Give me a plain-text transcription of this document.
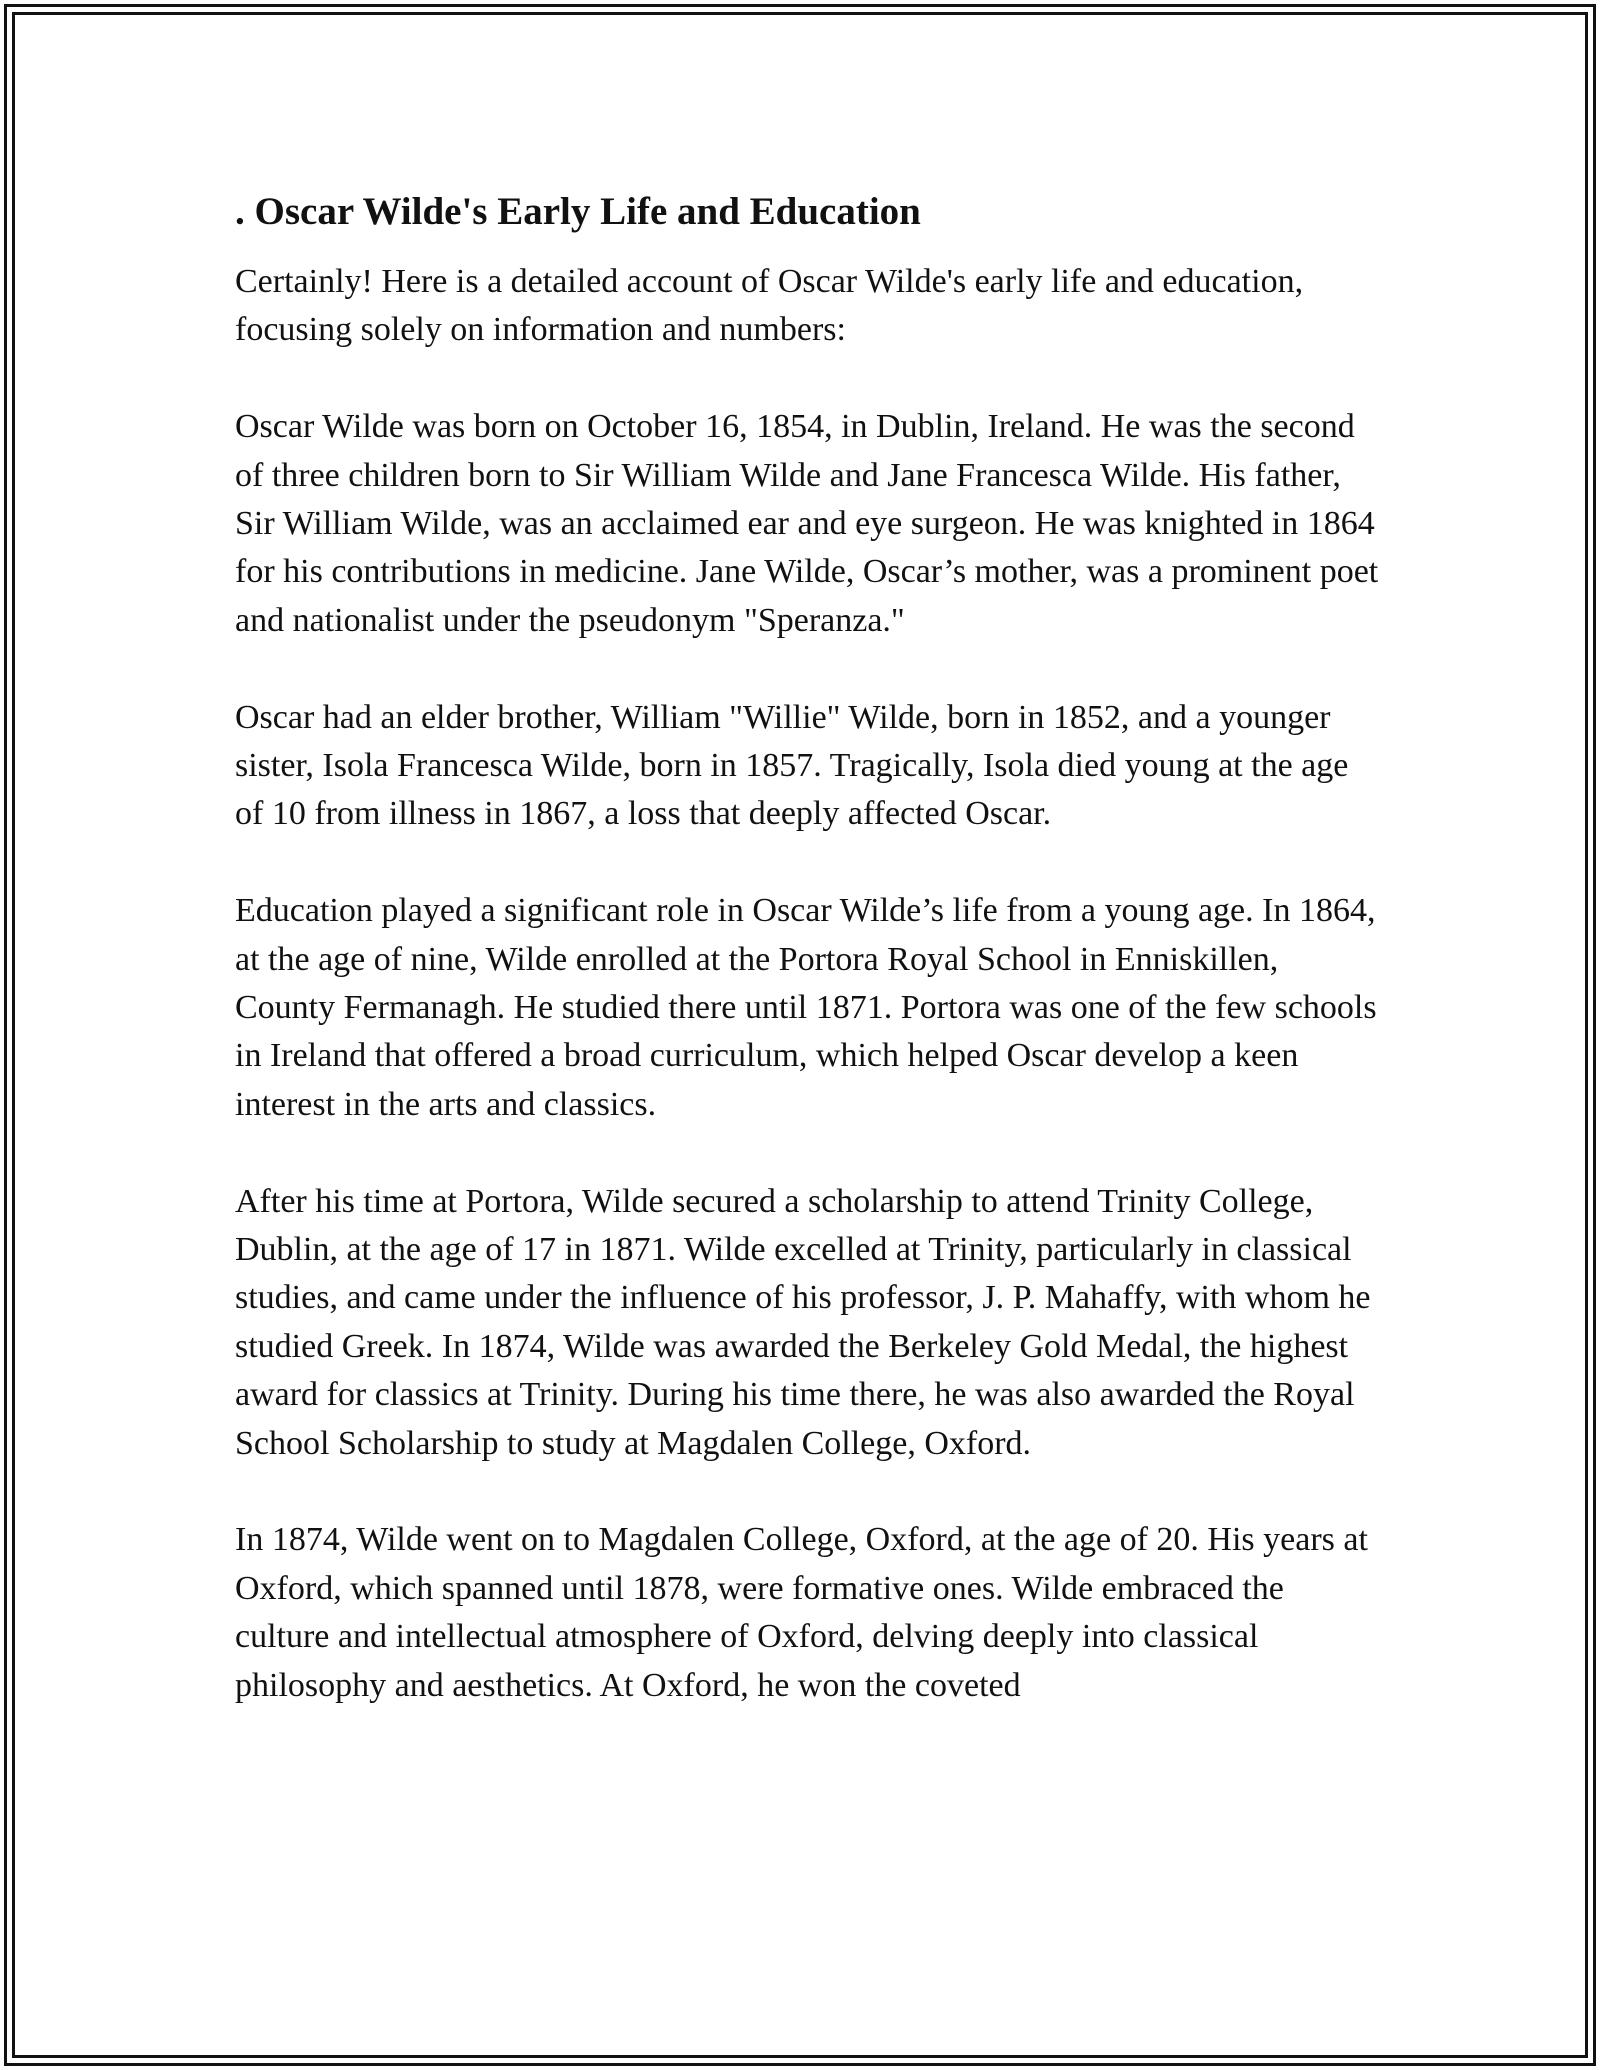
. Oscar Wilde's Early Life and Education

Certainly! Here is a detailed account of Oscar Wilde's early life and education, focusing solely on information and numbers:

Oscar Wilde was born on October 16, 1854, in Dublin, Ireland. He was the second of three children born to Sir William Wilde and Jane Francesca Wilde. His father, Sir William Wilde, was an acclaimed ear and eye surgeon. He was knighted in 1864 for his contributions in medicine. Jane Wilde, Oscar’s mother, was a prominent poet and nationalist under the pseudonym "Speranza."

Oscar had an elder brother, William "Willie" Wilde, born in 1852, and a younger sister, Isola Francesca Wilde, born in 1857. Tragically, Isola died young at the age of 10 from illness in 1867, a loss that deeply affected Oscar.

Education played a significant role in Oscar Wilde’s life from a young age. In 1864, at the age of nine, Wilde enrolled at the Portora Royal School in Enniskillen, County Fermanagh. He studied there until 1871. Portora was one of the few schools in Ireland that offered a broad curriculum, which helped Oscar develop a keen interest in the arts and classics.

After his time at Portora, Wilde secured a scholarship to attend Trinity College, Dublin, at the age of 17 in 1871. Wilde excelled at Trinity, particularly in classical studies, and came under the influence of his professor, J. P. Mahaffy, with whom he studied Greek. In 1874, Wilde was awarded the Berkeley Gold Medal, the highest award for classics at Trinity. During his time there, he was also awarded the Royal School Scholarship to study at Magdalen College, Oxford.

In 1874, Wilde went on to Magdalen College, Oxford, at the age of 20. His years at Oxford, which spanned until 1878, were formative ones. Wilde embraced the culture and intellectual atmosphere of Oxford, delving deeply into classical philosophy and aesthetics. At Oxford, he won the coveted
